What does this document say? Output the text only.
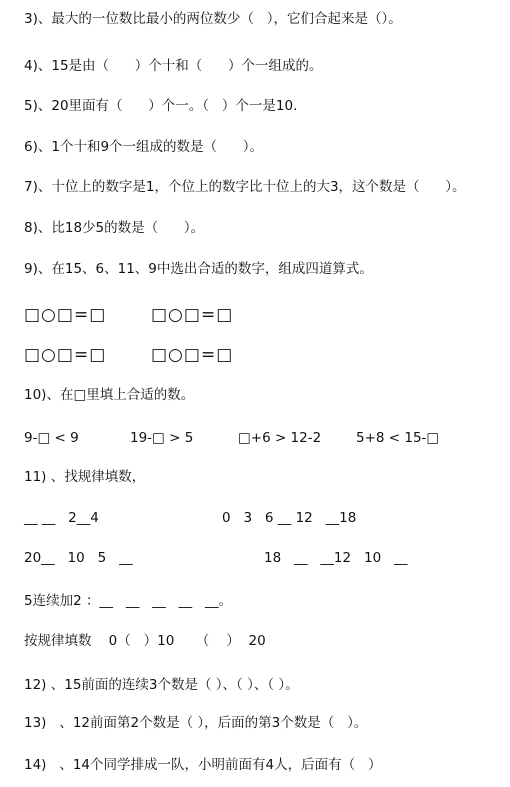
3)、最大的一位数比最小的两位数少（   ），它们合起来是（）。
4)、15是由（      ）个十和（      ）个一组成的。
5)、20里面有（      ）个一。（   ）个一是10.
6)、1个十和9个一组成的数是（      ）。
7)、十位上的数字是1，个位上的数字比十位上的大3，这个数是（      ）。
8)、比18少5的数是（      ）。
9)、在15、6、11、9中选出合适的数字，组成四道算式。
□○□=□	□○□=□
□○□=□	□○□=□
10)、在□里填上合适的数。
9-□ < 9	19-□ > 5	□+6 > 12-2	5+8 < 15-□
11) 、找规律填数，
__ __   2__4	0   3   6 __ 12   __18
20__   10   5   __	18   __   __12   10   __
5连续加2 ：__   __   __   __   __。
按规律填数    0（   ）10     （    ）  20
12) 、15前面的连续3个数是（ ）、（ ）、（ ）。
13)   、12前面第2个数是（ ），后面的第3个数是（   ）。
14)   、14个同学排成一队，小明前面有4人，后面有（   ）
